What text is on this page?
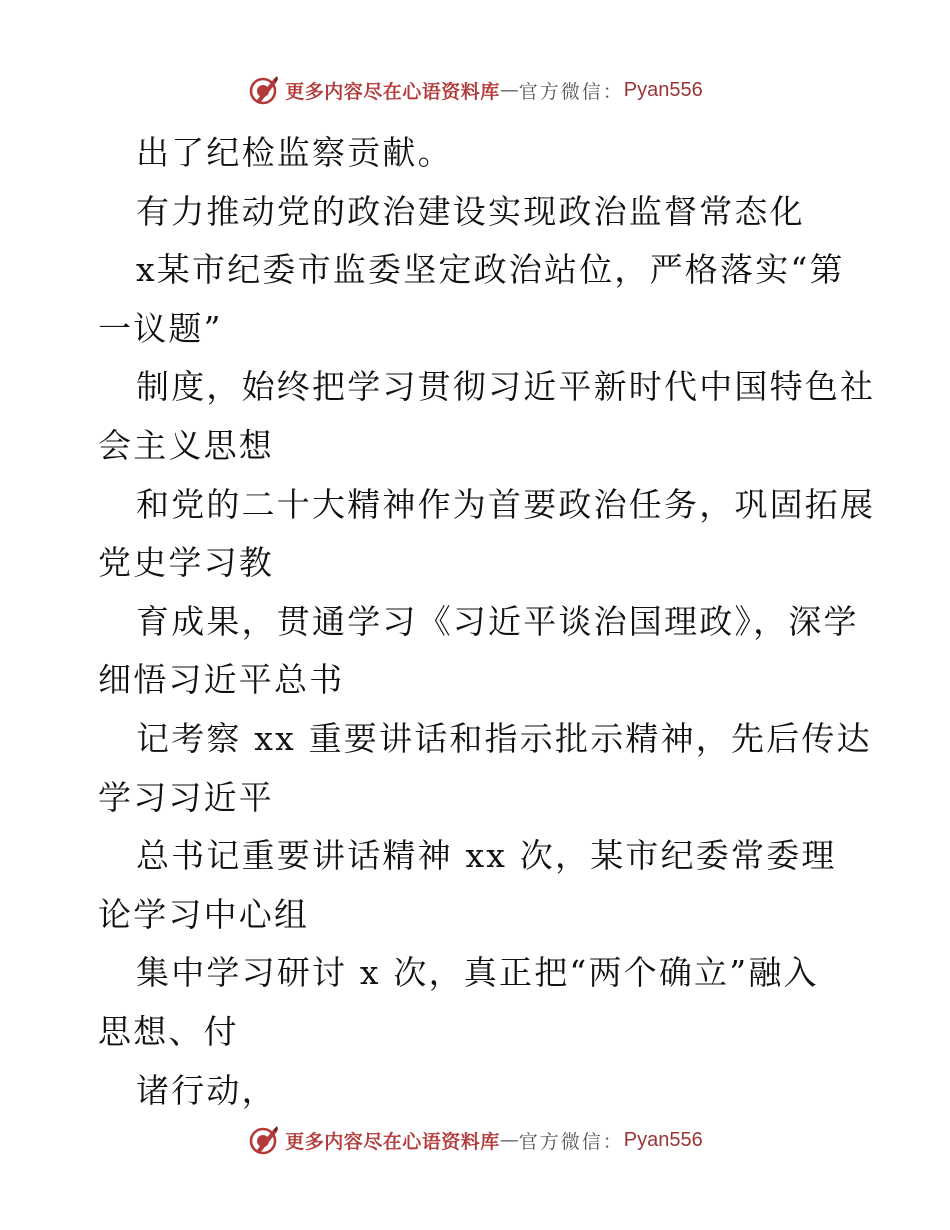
更多内容尽在心语资料库 — 官方微信： Pyan556
出了纪检监察贡献。
有力推动党的政治建设实现政治监督常态化
x某市纪委市监委坚定政治站位，严格落实“第
一议题”
制度，始终把学习贯彻习近平新时代中国特色社
会主义思想
和党的二十大精神作为首要政治任务，巩固拓展
党史学习教
育成果，贯通学习《习近平谈治国理政》，深学
细悟习近平总书
记考察 xx 重要讲话和指示批示精神，先后传达
学习习近平
总书记重要讲话精神 xx 次，某市纪委常委理
论学习中心组
集中学习研讨 x 次，真正把“两个确立”融入
思想、付
诸行动，
更多内容尽在心语资料库 — 官方微信： Pyan556
